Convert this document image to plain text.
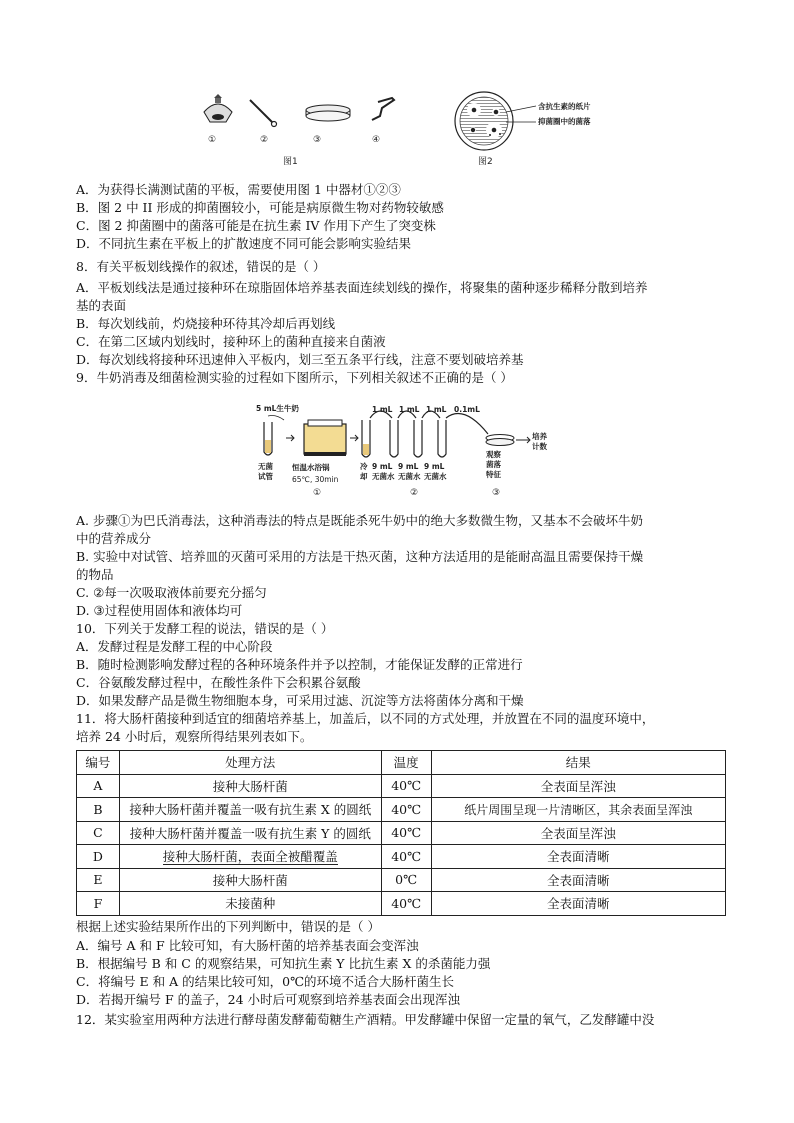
①	②	③	④
图1
含抗生素的纸片
抑菌圈中的菌落
图2
A．为获得长满测试菌的平板，需要使用图 1 中器材①②③
B．图 2 中 II 形成的抑菌圈较小，可能是病原微生物对药物较敏感
C．图 2 抑菌圈中的菌落可能是在抗生素 IV 作用下产生了突变株
D．不同抗生素在平板上的扩散速度不同可能会影响实验结果
8．有关平板划线操作的叙述，错误的是（ ）
A．平板划线法是通过接种环在琼脂固体培养基表面连续划线的操作，将聚集的菌种逐步稀释分散到培养
基的表面
B．每次划线前，灼烧接种环待其冷却后再划线
C．在第二区域内划线时，接种环上的菌种直接来自菌液
D．每次划线将接种环迅速伸入平板内，划三至五条平行线，注意不要划破培养基
9．牛奶消毒及细菌检测实验的过程如下图所示，下列相关叙述不正确的是（ ）
5 mL生牛奶
无菌
试管
恒温水浴锅
65℃, 30min
①
冷却
1 mL 1 mL 1 mL 0.1mL
9 mL
无菌水
9 mL
无菌水
9 mL
无菌水
②
观察
菌落
特征
③
培养
计数
A. 步骤①为巴氏消毒法，这种消毒法的特点是既能杀死牛奶中的绝大多数微生物，又基本不会破坏牛奶
中的营养成分
B. 实验中对试管、培养皿的灭菌可采用的方法是干热灭菌，这种方法适用的是能耐高温且需要保持干燥
的物品
C. ②每一次吸取液体前要充分摇匀
D. ③过程使用固体和液体均可
10．下列关于发酵工程的说法，错误的是（ ）
A．发酵过程是发酵工程的中心阶段
B．随时检测影响发酵过程的各种环境条件并予以控制，才能保证发酵的正常进行
C．谷氨酸发酵过程中，在酸性条件下会积累谷氨酸
D．如果发酵产品是微生物细胞本身，可采用过滤、沉淀等方法将菌体分离和干燥
11．将大肠杆菌接种到适宜的细菌培养基上，加盖后，以不同的方式处理，并放置在不同的温度环境中，
培养 24 小时后，观察所得结果列表如下。
编号	处理方法	温度	结果
A	接种大肠杆菌	40℃	全表面呈浑浊
B	接种大肠杆菌并覆盖一吸有抗生素 X 的圆纸	40℃	纸片周围呈现一片清晰区，其余表面呈浑浊
C	接种大肠杆菌并覆盖一吸有抗生素 Y 的圆纸	40℃	全表面呈浑浊
D	接种大肠杆菌，表面全被醋覆盖	40℃	全表面清晰
E	接种大肠杆菌	0℃	全表面清晰
F	未接菌种	40℃	全表面清晰
根据上述实验结果所作出的下列判断中，错误的是（ ）
A．编号 A 和 F 比较可知，有大肠杆菌的培养基表面会变浑浊
B．根据编号 B 和 C 的观察结果，可知抗生素 Y 比抗生素 X 的杀菌能力强
C．将编号 E 和 A 的结果比较可知，0℃的环境不适合大肠杆菌生长
D．若揭开编号 F 的盖子，24 小时后可观察到培养基表面会出现浑浊
12．某实验室用两种方法进行酵母菌发酵葡萄糖生产酒精。甲发酵罐中保留一定量的氧气，乙发酵罐中没
